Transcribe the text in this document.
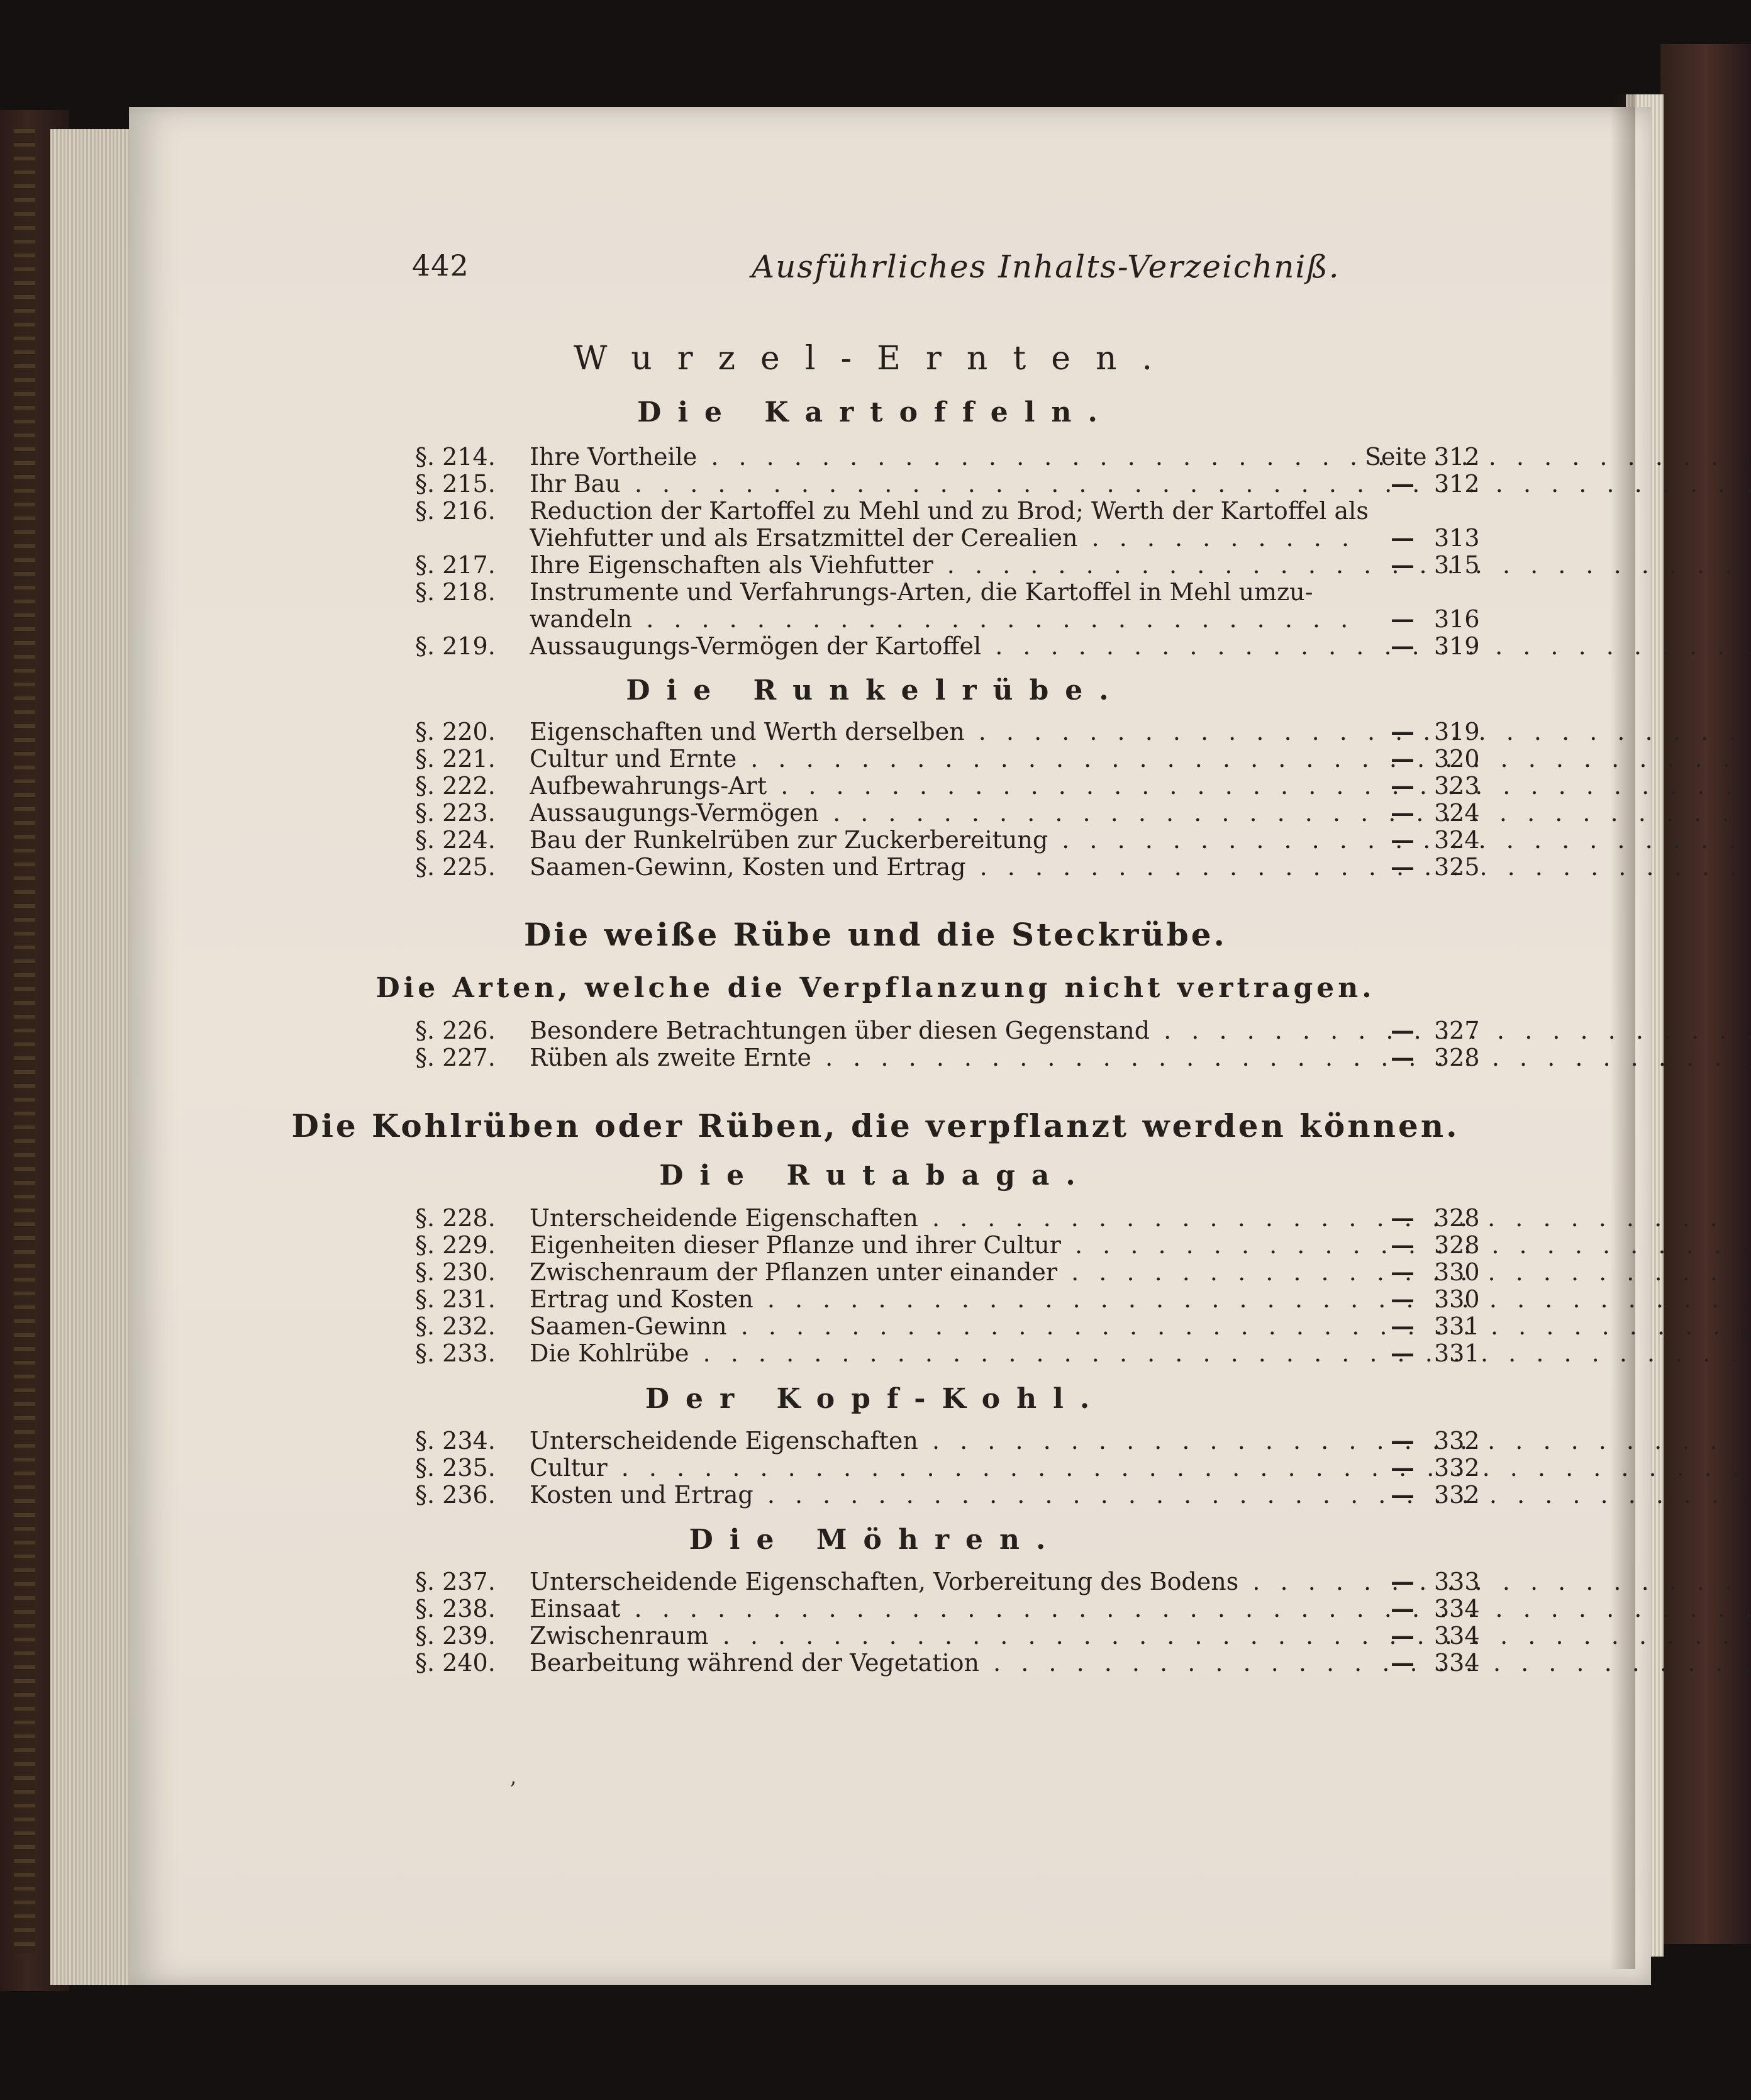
442	Ausführliches Inhalts-Verzeichniß.
Wurzel-Ernten.
Die Kartoffeln.
§. 214.	Ihre Vortheile . . .	Seite 312
§. 215.	Ihr Bau . . .	— 312
§. 216.	Reduction der Kartoffel zu Mehl und zu Brod; Werth der Kartoffel als
Viehfutter und als Ersatzmittel der Cerealien . . .	— 313
§. 217.	Ihre Eigenschaften als Viehfutter . . .	— 315
§. 218.	Instrumente und Verfahrungs-Arten, die Kartoffel in Mehl umzu-
wandeln . . .	— 316
§. 219.	Aussaugungs-Vermögen der Kartoffel . . .	— 319
Die Runkelrübe.
§. 220.	Eigenschaften und Werth derselben . . .	— 319
§. 221.	Cultur und Ernte . . .	— 320
§. 222.	Aufbewahrungs-Art . . .	— 323
§. 223.	Aussaugungs-Vermögen . . .	— 324
§. 224.	Bau der Runkelrüben zur Zuckerbereitung . . .	— 324
§. 225.	Saamen-Gewinn, Kosten und Ertrag . . .	— 325
Die weiße Rübe und die Steckrübe.
Die Arten, welche die Verpflanzung nicht vertragen.
§. 226.	Besondere Betrachtungen über diesen Gegenstand . . .	— 327
§. 227.	Rüben als zweite Ernte . . .	— 328
Die Kohlrüben oder Rüben, die verpflanzt werden können.
Die Rutabaga.
§. 228.	Unterscheidende Eigenschaften . . .	— 328
§. 229.	Eigenheiten dieser Pflanze und ihrer Cultur . . .	— 328
§. 230.	Zwischenraum der Pflanzen unter einander . . .	— 330
§. 231.	Ertrag und Kosten . . .	— 330
§. 232.	Saamen-Gewinn . . .	— 331
§. 233.	Die Kohlrübe . . .	— 331
Der Kopf-Kohl.
§. 234.	Unterscheidende Eigenschaften . . .	— 332
§. 235.	Cultur . . .	— 332
§. 236.	Kosten und Ertrag . . .	— 332
Die Möhren.
§. 237.	Unterscheidende Eigenschaften, Vorbereitung des Bodens . . .	— 333
§. 238.	Einsaat . . .	— 334
§. 239.	Zwischenraum . . .	— 334
§. 240.	Bearbeitung während der Vegetation . . .	— 334
’
